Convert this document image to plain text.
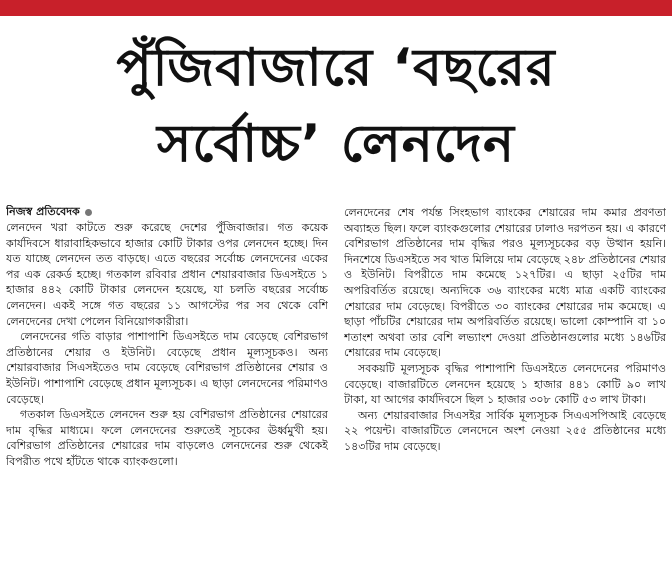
পুঁজিবাজারে ‘বছরের
সর্বোচ্চ’ লেনদেন
নিজস্ব প্রতিবেদক

লেনদেন খরা কাটতে শুরু করেছে দেশের পুঁজিবাজার। গত কয়েক কার্যদিবসে ধারাবাহিকভাবে হাজার কোটি টাকার ওপর লেনদেন হচ্ছে। দিন যত যাচ্ছে লেনদেন তত বাড়ছে। এতে বছরের সর্বোচ্চ লেনদেনের একের পর এক রেকর্ড হচ্ছে। গতকাল রবিবার প্রধান শেয়ারবাজার ডিএসইতে ১ হাজার ৪৪২ কোটি টাকার লেনদেন হয়েছে, যা চলতি বছরের সর্বোচ্চ লেনদেন। একই সঙ্গে গত বছরের ১১ আগস্টের পর সব থেকে বেশি লেনদেনের দেখা পেলেন বিনিয়োগকারীরা।

লেনদেনের গতি বাড়ার পাশাপাশি ডিএসইতে দাম বেড়েছে বেশিরভাগ প্রতিষ্ঠানের শেয়ার ও ইউনিট। বেড়েছে প্রধান মূল্যসূচকও। অন্য শেয়ারবাজার সিএসইতেও দাম বেড়েছে বেশিরভাগ প্রতিষ্ঠানের শেয়ার ও ইউনিট। পাশাপাশি বেড়েছে প্রধান মূল্যসূচক। এ ছাড়া লেনদেনের পরিমাণও বেড়েছে।

গতকাল ডিএসইতে লেনদেন শুরু হয় বেশিরভাগ প্রতিষ্ঠানের শেয়ারের দাম বৃদ্ধির মাধ্যমে। ফলে লেনদেনের শুরুতেই সূচকের ঊর্ধ্বমুখী হয়। বেশিরভাগ প্রতিষ্ঠানের শেয়ারের দাম বাড়লেও লেনদেনের শুরু থেকেই বিপরীত পথে হাঁটতে থাকে ব্যাংকগুলো।

লেনদেনের শেষ পর্যন্ত সিংহভাগ ব্যাংকের শেয়ারের দাম কমার প্রবণতা অব্যাহত ছিল। ফলে ব্যাংকগুলোর শেয়ারের ঢালাও দরপতন হয়। এ কারণে বেশিরভাগ প্রতিষ্ঠানের দাম বৃদ্ধির পরও মূল্যসূচকের বড় উত্থান হয়নি। দিনশেষে ডিএসইতে সব খাত মিলিয়ে দাম বেড়েছে ২৪৮ প্রতিষ্ঠানের শেয়ার ও ইউনিট। বিপরীতে দাম কমেছে ১২৭টির। এ ছাড়া ২৫টির দাম অপরিবর্তিত রয়েছে। অন্যদিকে ৩৬ ব্যাংকের মধ্যে মাত্র একটি ব্যাংকের শেয়ারের দাম বেড়েছে। বিপরীতে ৩০ ব্যাংকের শেয়ারের দাম কমেছে। এ ছাড়া পাঁচটির শেয়ারের দাম অপরিবর্তিত রয়েছে। ভালো কোম্পানি বা ১০ শতাংশ অথবা তার বেশি লভ্যাংশ দেওয়া প্রতিষ্ঠানগুলোর মধ্যে ১৪৬টির শেয়ারের দাম বেড়েছে।

সবকয়টি মূল্যসূচক বৃদ্ধির পাশাপাশি ডিএসইতে লেনদেনের পরিমাণও বেড়েছে। বাজারটিতে লেনদেন হয়েছে ১ হাজার ৪৪১ কোটি ৯০ লাখ টাকা, যা আগের কার্যদিবসে ছিল ১ হাজার ৩০৮ কোটি ৫৩ লাখ টাকা।

অন্য শেয়ারবাজার সিএসইর সার্বিক মূল্যসূচক সিএএসপিআই বেড়েছে ২২ পয়েন্ট। বাজারটিতে লেনদেনে অংশ নেওয়া ২৫৫ প্রতিষ্ঠানের মধ্যে ১৪৩টির দাম বেড়েছে।
